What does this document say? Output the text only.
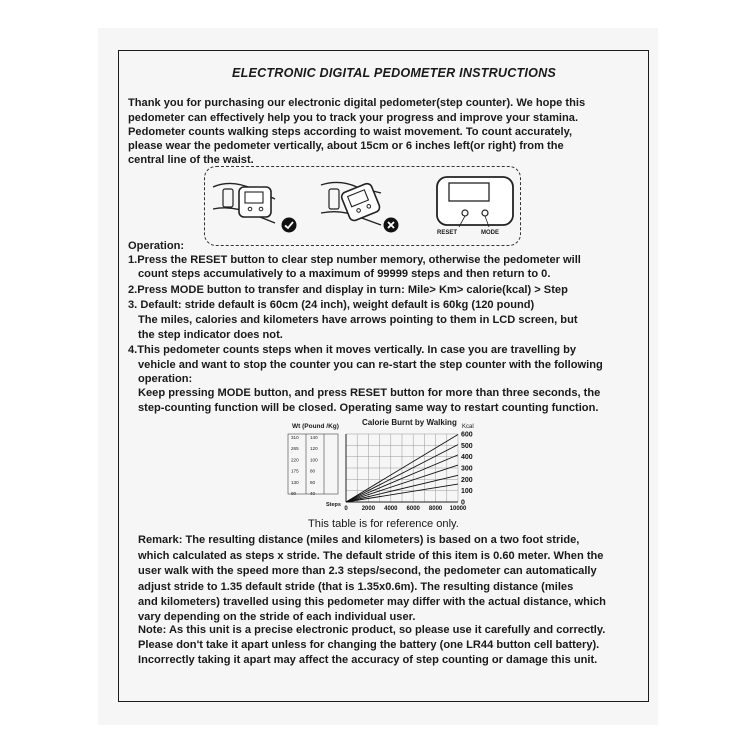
ELECTRONIC DIGITAL PEDOMETER INSTRUCTIONS
Thank you for purchasing our electronic digital pedometer(step counter). We hope this
pedometer can effectively help you to track your progress and improve your stamina.
Pedometer counts walking steps according to waist movement. To count accurately,
please wear the pedometer vertically, about 15cm or 6 inches left(or right) from the
central line of the waist.
RESET	MODE
Operation:
1.Press the RESET button to clear step number memory, otherwise the pedometer will
count steps accumulatively to a maximum of 99999 steps and then return to 0.
2.Press MODE button to transfer and display in turn: Mile> Km> calorie(kcal) > Step
3. Default: stride default is 60cm (24 inch), weight default is 60kg (120 pound)
The miles, calories and kilometers have arrows pointing to them in LCD screen, but
the step indicator does not.
4.This pedometer counts steps when it moves vertically. In case you are travelling by
vehicle and want to stop the counter you can re-start the step counter with the following
operation:
Keep pressing MODE button, and press RESET button for more than three seconds, the
step-counting function will be closed. Operating same way to restart counting function.
Wt (Pound /Kg)	Calorie Burnt by Walking Kcal
Steps
310 140
265 120
220 100
175 80
130 60
90	40
600
500
400
300
200
100
0
0 2000 4000 6000 8000 10000
This table is for reference only.
Remark: The resulting distance (miles and kilometers) is based on a two foot stride,
which calculated as steps x stride. The default stride of this item is 0.60 meter. When the
user walk with the speed more than 2.3 steps/second, the pedometer can automatically
adjust stride to 1.35 default stride (that is 1.35x0.6m). The resulting distance (miles
and kilometers) travelled using this pedometer may differ with the actual distance, which
vary depending on the stride of each individual user.
Note: As this unit is a precise electronic product, so please use it carefully and correctly.
Please don't take it apart unless for changing the battery (one LR44 button cell battery).
Incorrectly taking it apart may affect the accuracy of step counting or damage this unit.
